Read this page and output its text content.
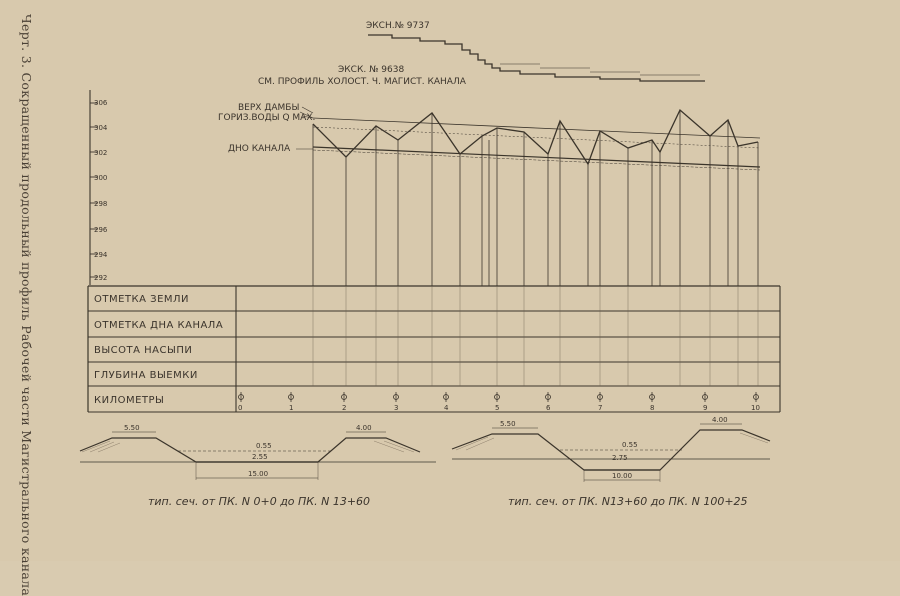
Черт. 3. Сокращенный продольный профиль Рабочей части Магистрального канала	ЭКСН.№ 9737
ЭКСК. № 9638
СМ. ПРОФИЛЬ ХОЛОСТ. Ч. МАГИСТ. КАНАЛА
ВЕРХ ДАМБЫ
ГОРИЗ.ВОДЫ Q MAX.
ДНО КАНАЛА
306
304
302
300
298
296
294
292
ОТМЕТКА ЗЕМЛИ
ОТМЕТКА ДНА КАНАЛА
ВЫСОТА НАСЫПИ
ГЛУБИНА ВЫЕМКИ
КИЛОМЕТРЫ
0	1	2	3	4	5	6	7	8	9	10
5.50	4.00
0.55
2.55
15.00
5.50	4.00
0.55
2.75
10.00
тип. сеч. от ПК. N 0+0 до ПК. N 13+60	тип. сеч. от ПК. N13+60 до ПК. N 100+25
